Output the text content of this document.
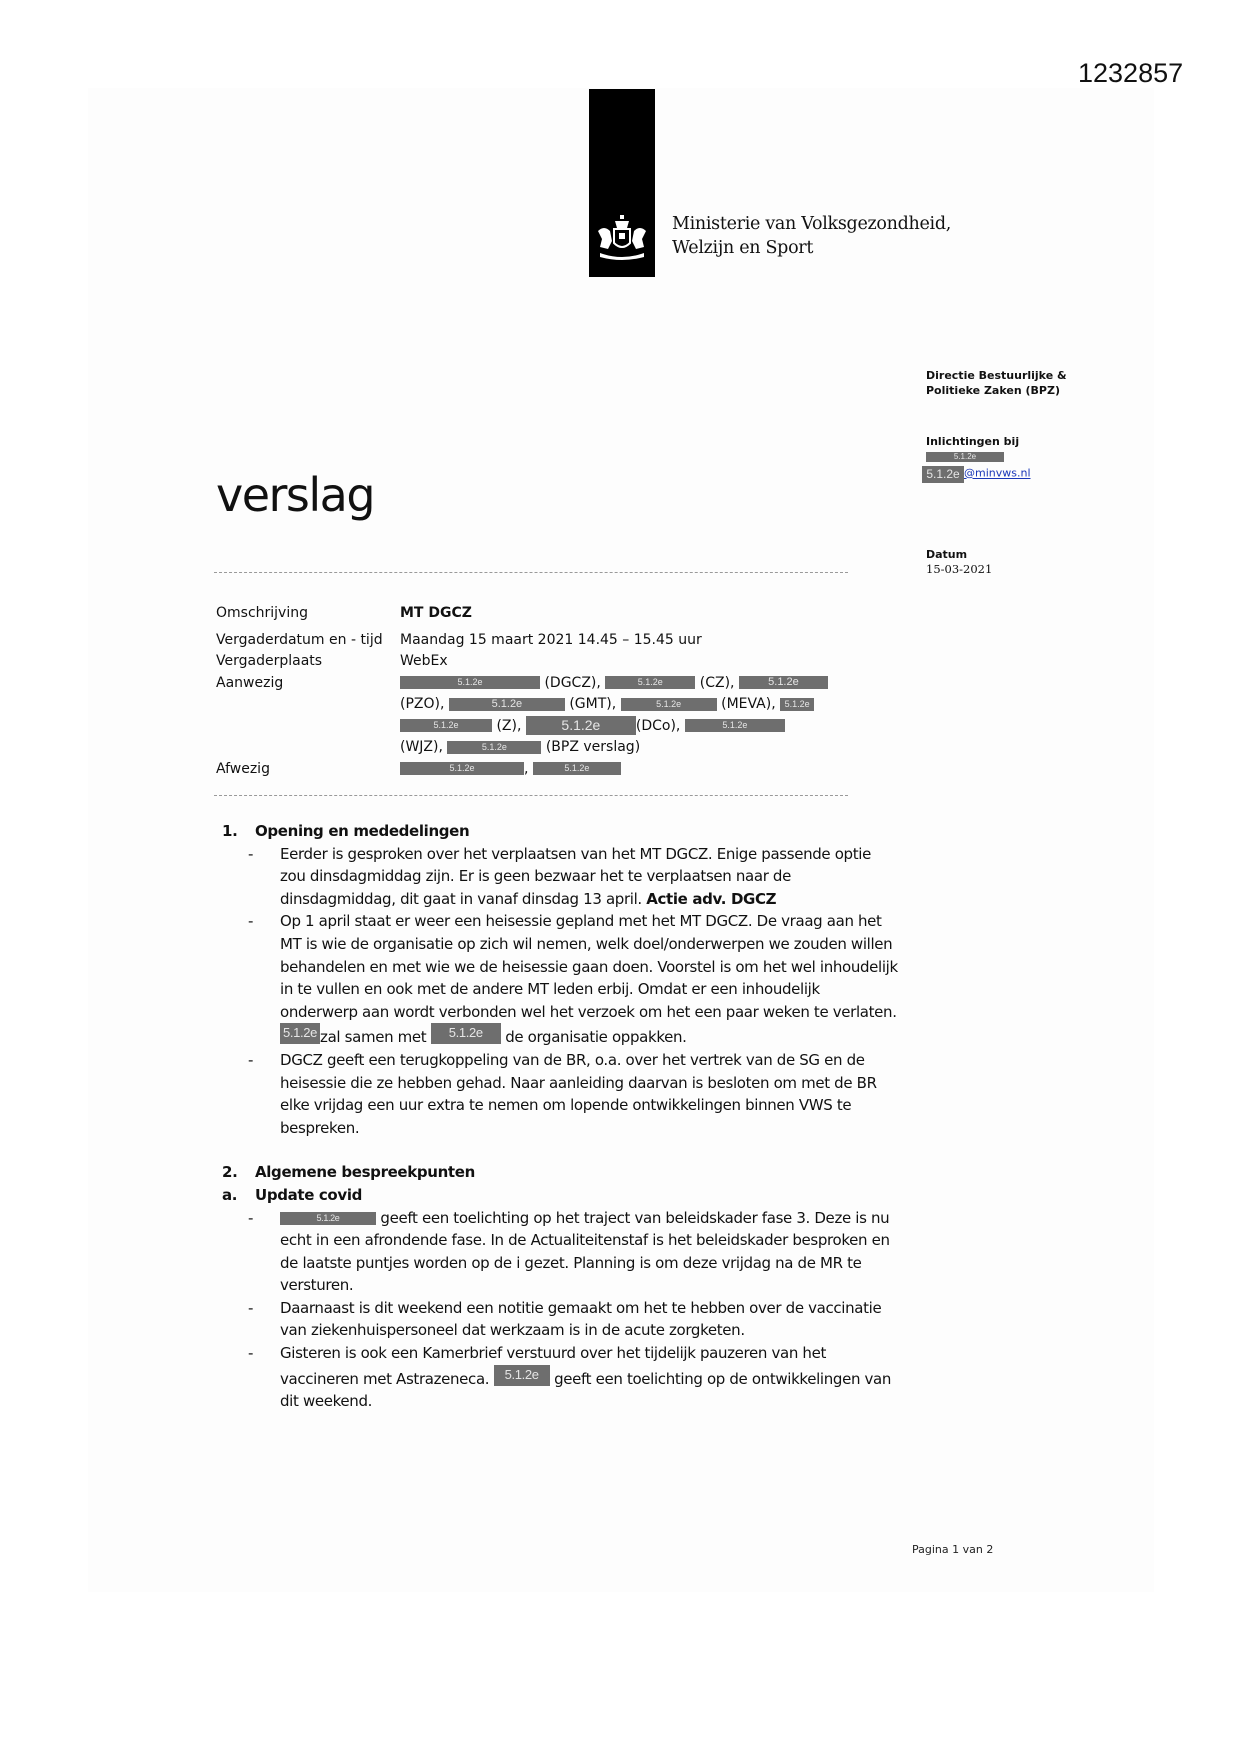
1232857
Ministerie van Volksgezondheid,
Welzijn en Sport
Directie Bestuurlijke &
Politieke Zaken (BPZ)
Inlichtingen bij
5.1.2e
5.1.2e @minvws.nl
Datum
15-03-2021
verslag
Omschrijving	MT DGCZ
Vergaderdatum en - tijd	Maandag 15 maart 2021 14.45 – 15.45 uur
Vergaderplaats	WebEx
Aanwezig	5.1.2e	(DGCZ),	5.1.2e	(CZ),	5.1.2e
(PZO),	5.1.2e	(GMT),	5.1.2e	(MEVA), 5.1.2e
5.1.2e	(Z),	5.1.2e	(DCo),	5.1.2e
(WJZ),	5.1.2e	(BPZ verslag)
Afwezig	5.1.2e	,	5.1.2e
1.	Opening en mededelingen
-	Eerder is gesproken over het verplaatsen van het MT DGCZ. Enige passende optie zou dinsdagmiddag zijn. Er is geen bezwaar het te verplaatsen naar de dinsdagmiddag, dit gaat in vanaf dinsdag 13 april. Actie adv. DGCZ
-	Op 1 april staat er weer een heisessie gepland met het MT DGCZ. De vraag aan het MT is wie de organisatie op zich wil nemen, welk doel/onderwerpen we zouden willen behandelen en met wie we de heisessie gaan doen. Voorstel is om het wel inhoudelijk in te vullen en ook met de andere MT leden erbij. Omdat er een inhoudelijk onderwerp aan wordt verbonden wel het verzoek om het een paar weken te verlaten.5.1.2e zal samen met 5.1.2e de organisatie oppakken.
-	DGCZ geeft een terugkoppeling van de BR, o.a. over het vertrek van de SG en de heisessie die ze hebben gehad. Naar aanleiding daarvan is besloten om met de BR elke vrijdag een uur extra te nemen om lopende ontwikkelingen binnen VWS te bespreken.
2.	Algemene bespreekpunten
a.	Update covid
-	5.1.2e	geeft een toelichting op het traject van beleidskader fase 3. Deze is nu echt in een afrondende fase. In de Actualiteitenstaf is het beleidskader besproken en de laatste puntjes worden op de i gezet. Planning is om deze vrijdag na de MR te versturen.
-	Daarnaast is dit weekend een notitie gemaakt om het te hebben over de vaccinatie van ziekenhuispersoneel dat werkzaam is in de acute zorgketen.
-	Gisteren is ook een Kamerbrief verstuurd over het tijdelijk pauzeren van het vaccineren met Astrazeneca. 5.1.2e geeft een toelichting op de ontwikkelingen van dit weekend.
Pagina 1 van 2
